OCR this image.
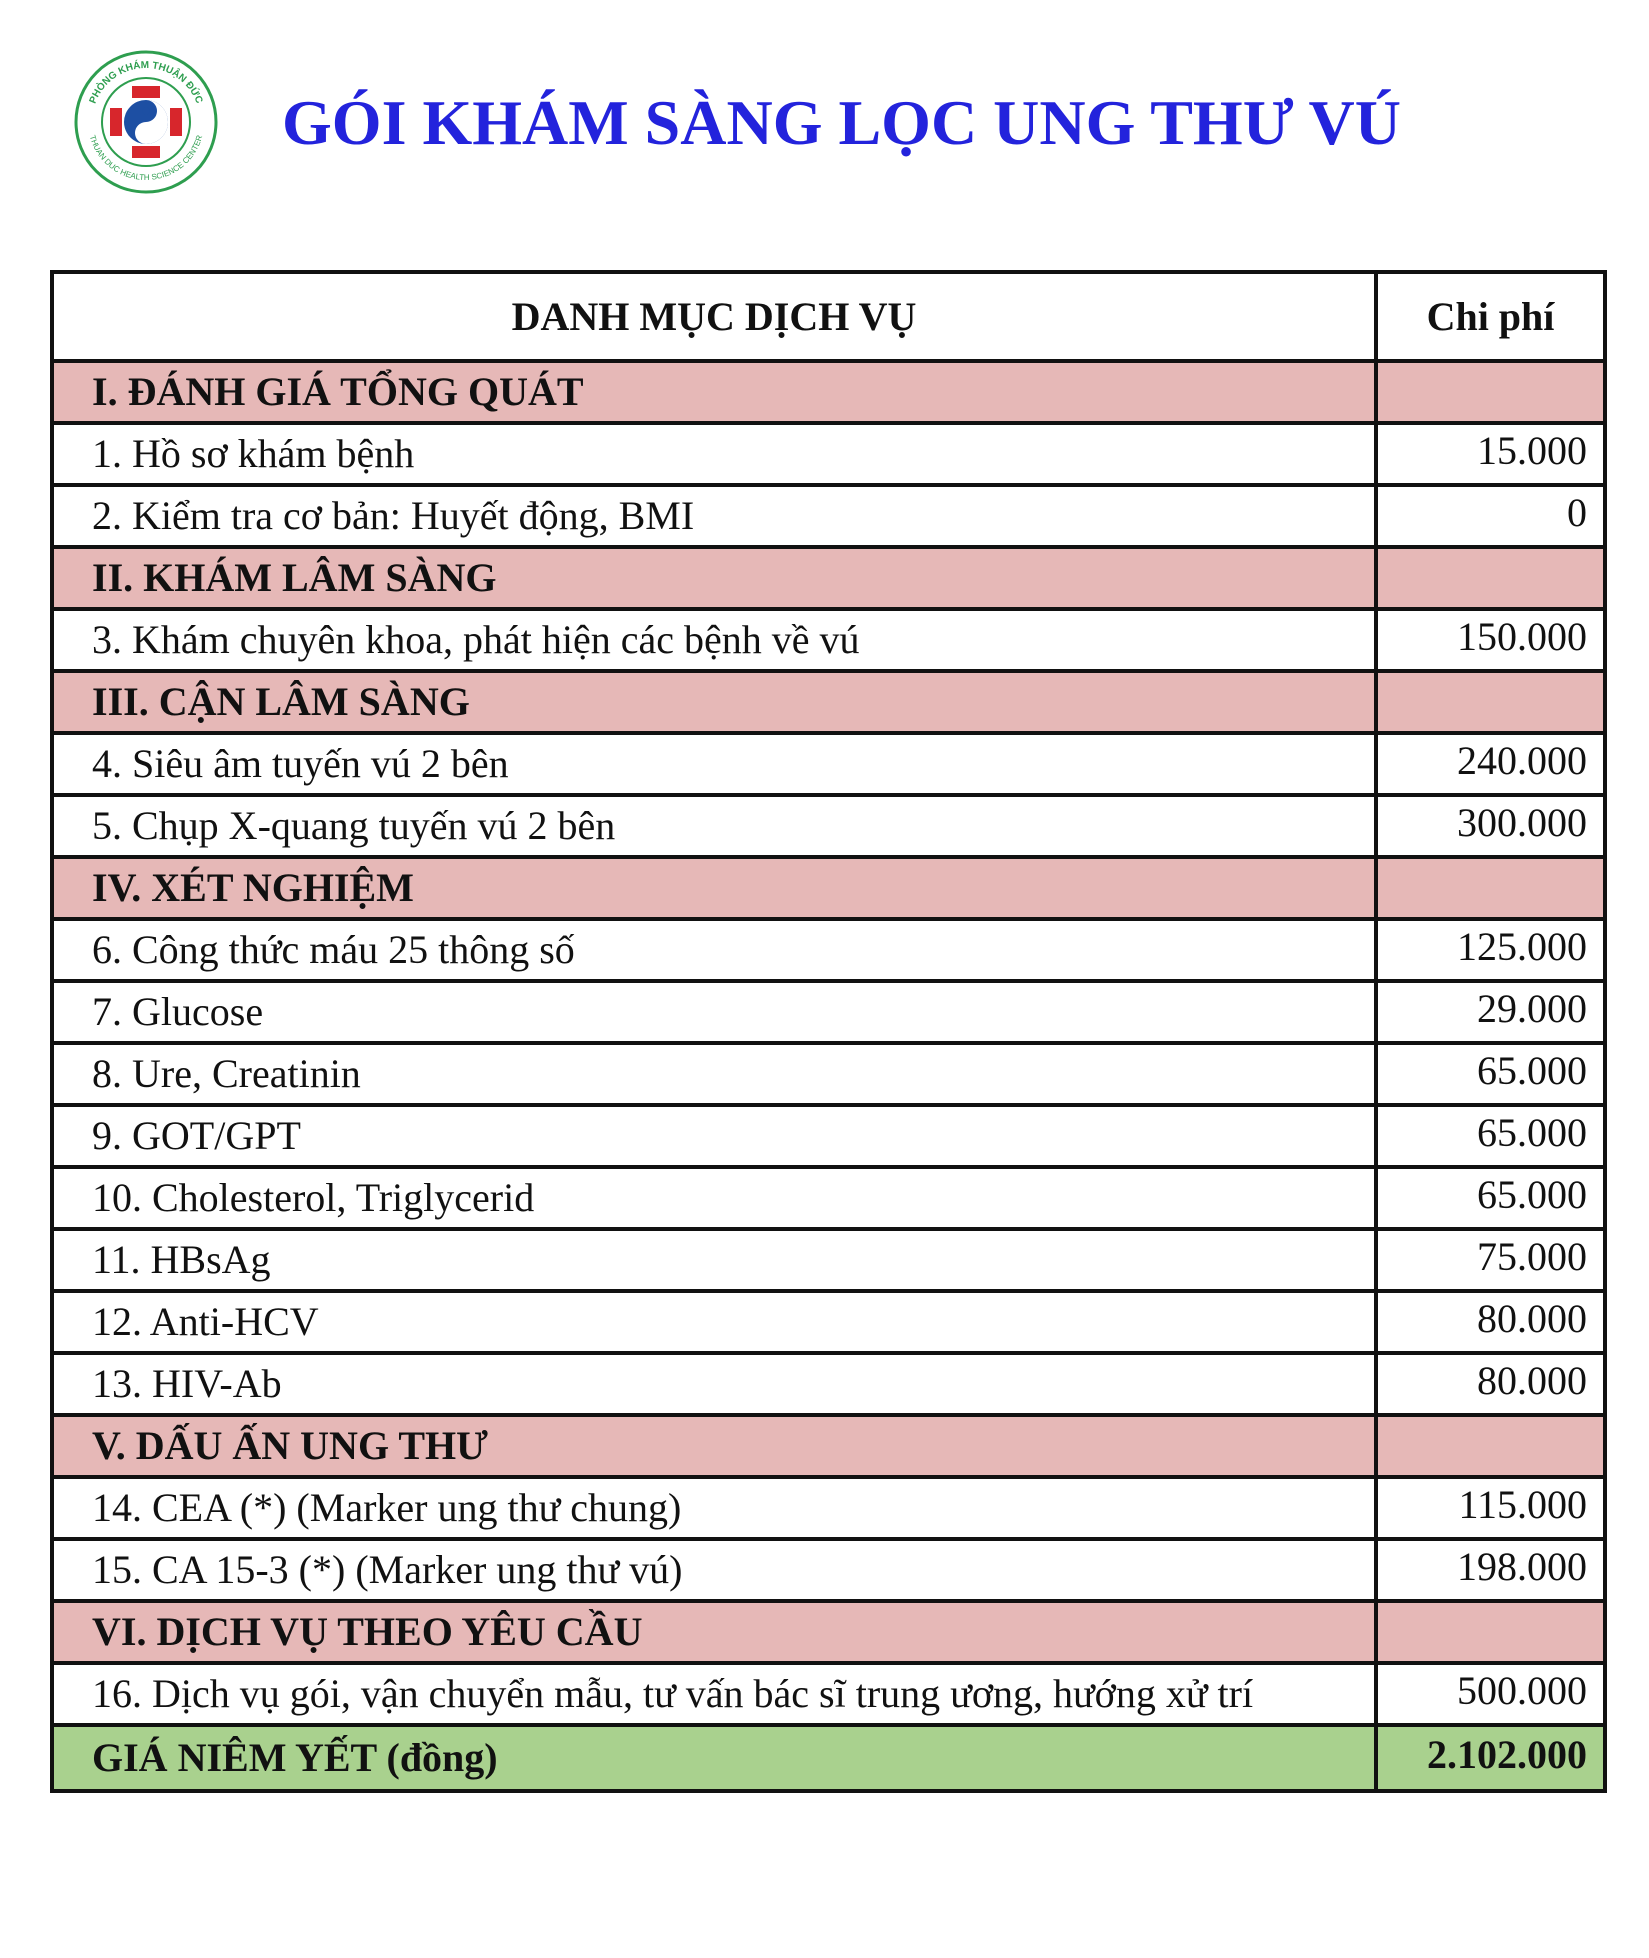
PHÒNG KHÁM THUẬN ĐỨC
THUAN DUC HEALTH SCIENCE CENTER GÓI KHÁM SÀNG LỌC UNG THƯ VÚ
DANH MỤC DỊCH VỤ	Chi phí
I. ĐÁNH GIÁ TỔNG QUÁT	
1. Hồ sơ khám bệnh	15.000
2. Kiểm tra cơ bản: Huyết động, BMI	0
II. KHÁM LÂM SÀNG	
3. Khám chuyên khoa, phát hiện các bệnh về vú	150.000
III. CẬN LÂM SÀNG	
4. Siêu âm tuyến vú 2 bên	240.000
5. Chụp X-quang tuyến vú 2 bên	300.000
IV. XÉT NGHIỆM	
6. Công thức máu 25 thông số	125.000
7. Glucose	29.000
8. Ure, Creatinin	65.000
9. GOT/GPT	65.000
10. Cholesterol, Triglycerid	65.000
11. HBsAg	75.000
12. Anti-HCV	80.000
13. HIV-Ab	80.000
V. DẤU ẤN UNG THƯ	
14. CEA (*) (Marker ung thư chung)	115.000
15. CA 15-3 (*) (Marker ung thư vú)	198.000
VI. DỊCH VỤ THEO YÊU CẦU	
16. Dịch vụ gói, vận chuyển mẫu, tư vấn bác sĩ trung ương, hướng xử trí	500.000
GIÁ NIÊM YẾT (đồng)	2.102.000
